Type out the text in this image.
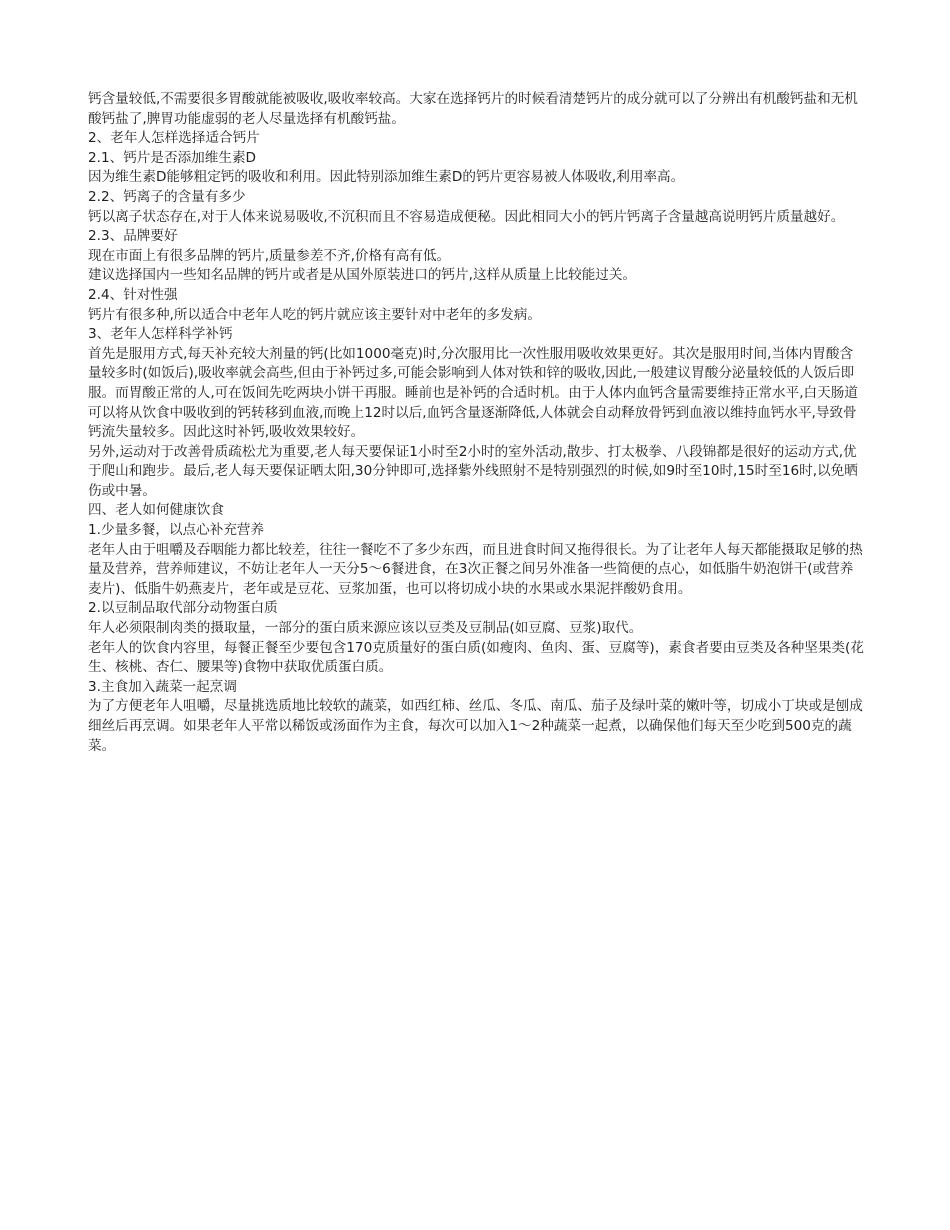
钙含量较低,不需要很多胃酸就能被吸收,吸收率较高。大家在选择钙片的时候看清楚钙片的成分就可以了分辨出有机酸钙盐和无机酸钙盐了,脾胃功能虚弱的老人尽量选择有机酸钙盐。

2、老年人怎样选择适合钙片

2.1、钙片是否添加维生素D

因为维生素D能够粗定钙的吸收和利用。因此特别添加维生素D的钙片更容易被人体吸收,利用率高。

2.2、钙离子的含量有多少

钙以离子状态存在,对于人体来说易吸收,不沉积而且不容易造成便秘。因此相同大小的钙片钙离子含量越高说明钙片质量越好。

2.3、品牌要好

现在市面上有很多品牌的钙片,质量参差不齐,价格有高有低。

建议选择国内一些知名品牌的钙片或者是从国外原装进口的钙片,这样从质量上比较能过关。

2.4、针对性强

钙片有很多种,所以适合中老年人吃的钙片就应该主要针对中老年的多发病。

3、老年人怎样科学补钙

首先是服用方式,每天补充较大剂量的钙(比如1000毫克)时,分次服用比一次性服用吸收效果更好。其次是服用时间,当体内胃酸含量较多时(如饭后),吸收率就会高些,但由于补钙过多,可能会影响到人体对铁和锌的吸收,因此,一般建议胃酸分泌量较低的人饭后即服。而胃酸正常的人,可在饭间先吃两块小饼干再服。睡前也是补钙的合适时机。由于人体内血钙含量需要维持正常水平,白天肠道可以将从饮食中吸收到的钙转移到血液,而晚上12时以后,血钙含量逐渐降低,人体就会自动释放骨钙到血液以维持血钙水平,导致骨钙流失量较多。因此这时补钙,吸收效果较好。

另外,运动对于改善骨质疏松尤为重要,老人每天要保证1小时至2小时的室外活动,散步、打太极拳、八段锦都是很好的运动方式,优于爬山和跑步。最后,老人每天要保证晒太阳,30分钟即可,选择紫外线照射不是特别强烈的时候,如9时至10时,15时至16时,以免晒伤或中暑。

四、老人如何健康饮食

1.少量多餐，以点心补充营养

老年人由于咀嚼及吞咽能力都比较差，往往一餐吃不了多少东西，而且进食时间又拖得很长。为了让老年人每天都能摄取足够的热量及营养，营养师建议，不妨让老年人一天分5～6餐进食，在3次正餐之间另外准备一些简便的点心，如低脂牛奶泡饼干(或营养麦片)、低脂牛奶燕麦片，老年或是豆花、豆浆加蛋，也可以将切成小块的水果或水果泥拌酸奶食用。

2.以豆制品取代部分动物蛋白质

年人必须限制肉类的摄取量，一部分的蛋白质来源应该以豆类及豆制品(如豆腐、豆浆)取代。

老年人的饮食内容里，每餐正餐至少要包含170克质量好的蛋白质(如瘦肉、鱼肉、蛋、豆腐等)，素食者要由豆类及各种坚果类(花生、核桃、杏仁、腰果等)食物中获取优质蛋白质。

3.主食加入蔬菜一起烹调

为了方便老年人咀嚼，尽量挑选质地比较软的蔬菜，如西红柿、丝瓜、冬瓜、南瓜、茄子及绿叶菜的嫩叶等，切成小丁块或是刨成细丝后再烹调。如果老年人平常以稀饭或汤面作为主食，每次可以加入1～2种蔬菜一起煮，以确保他们每天至少吃到500克的蔬菜。
